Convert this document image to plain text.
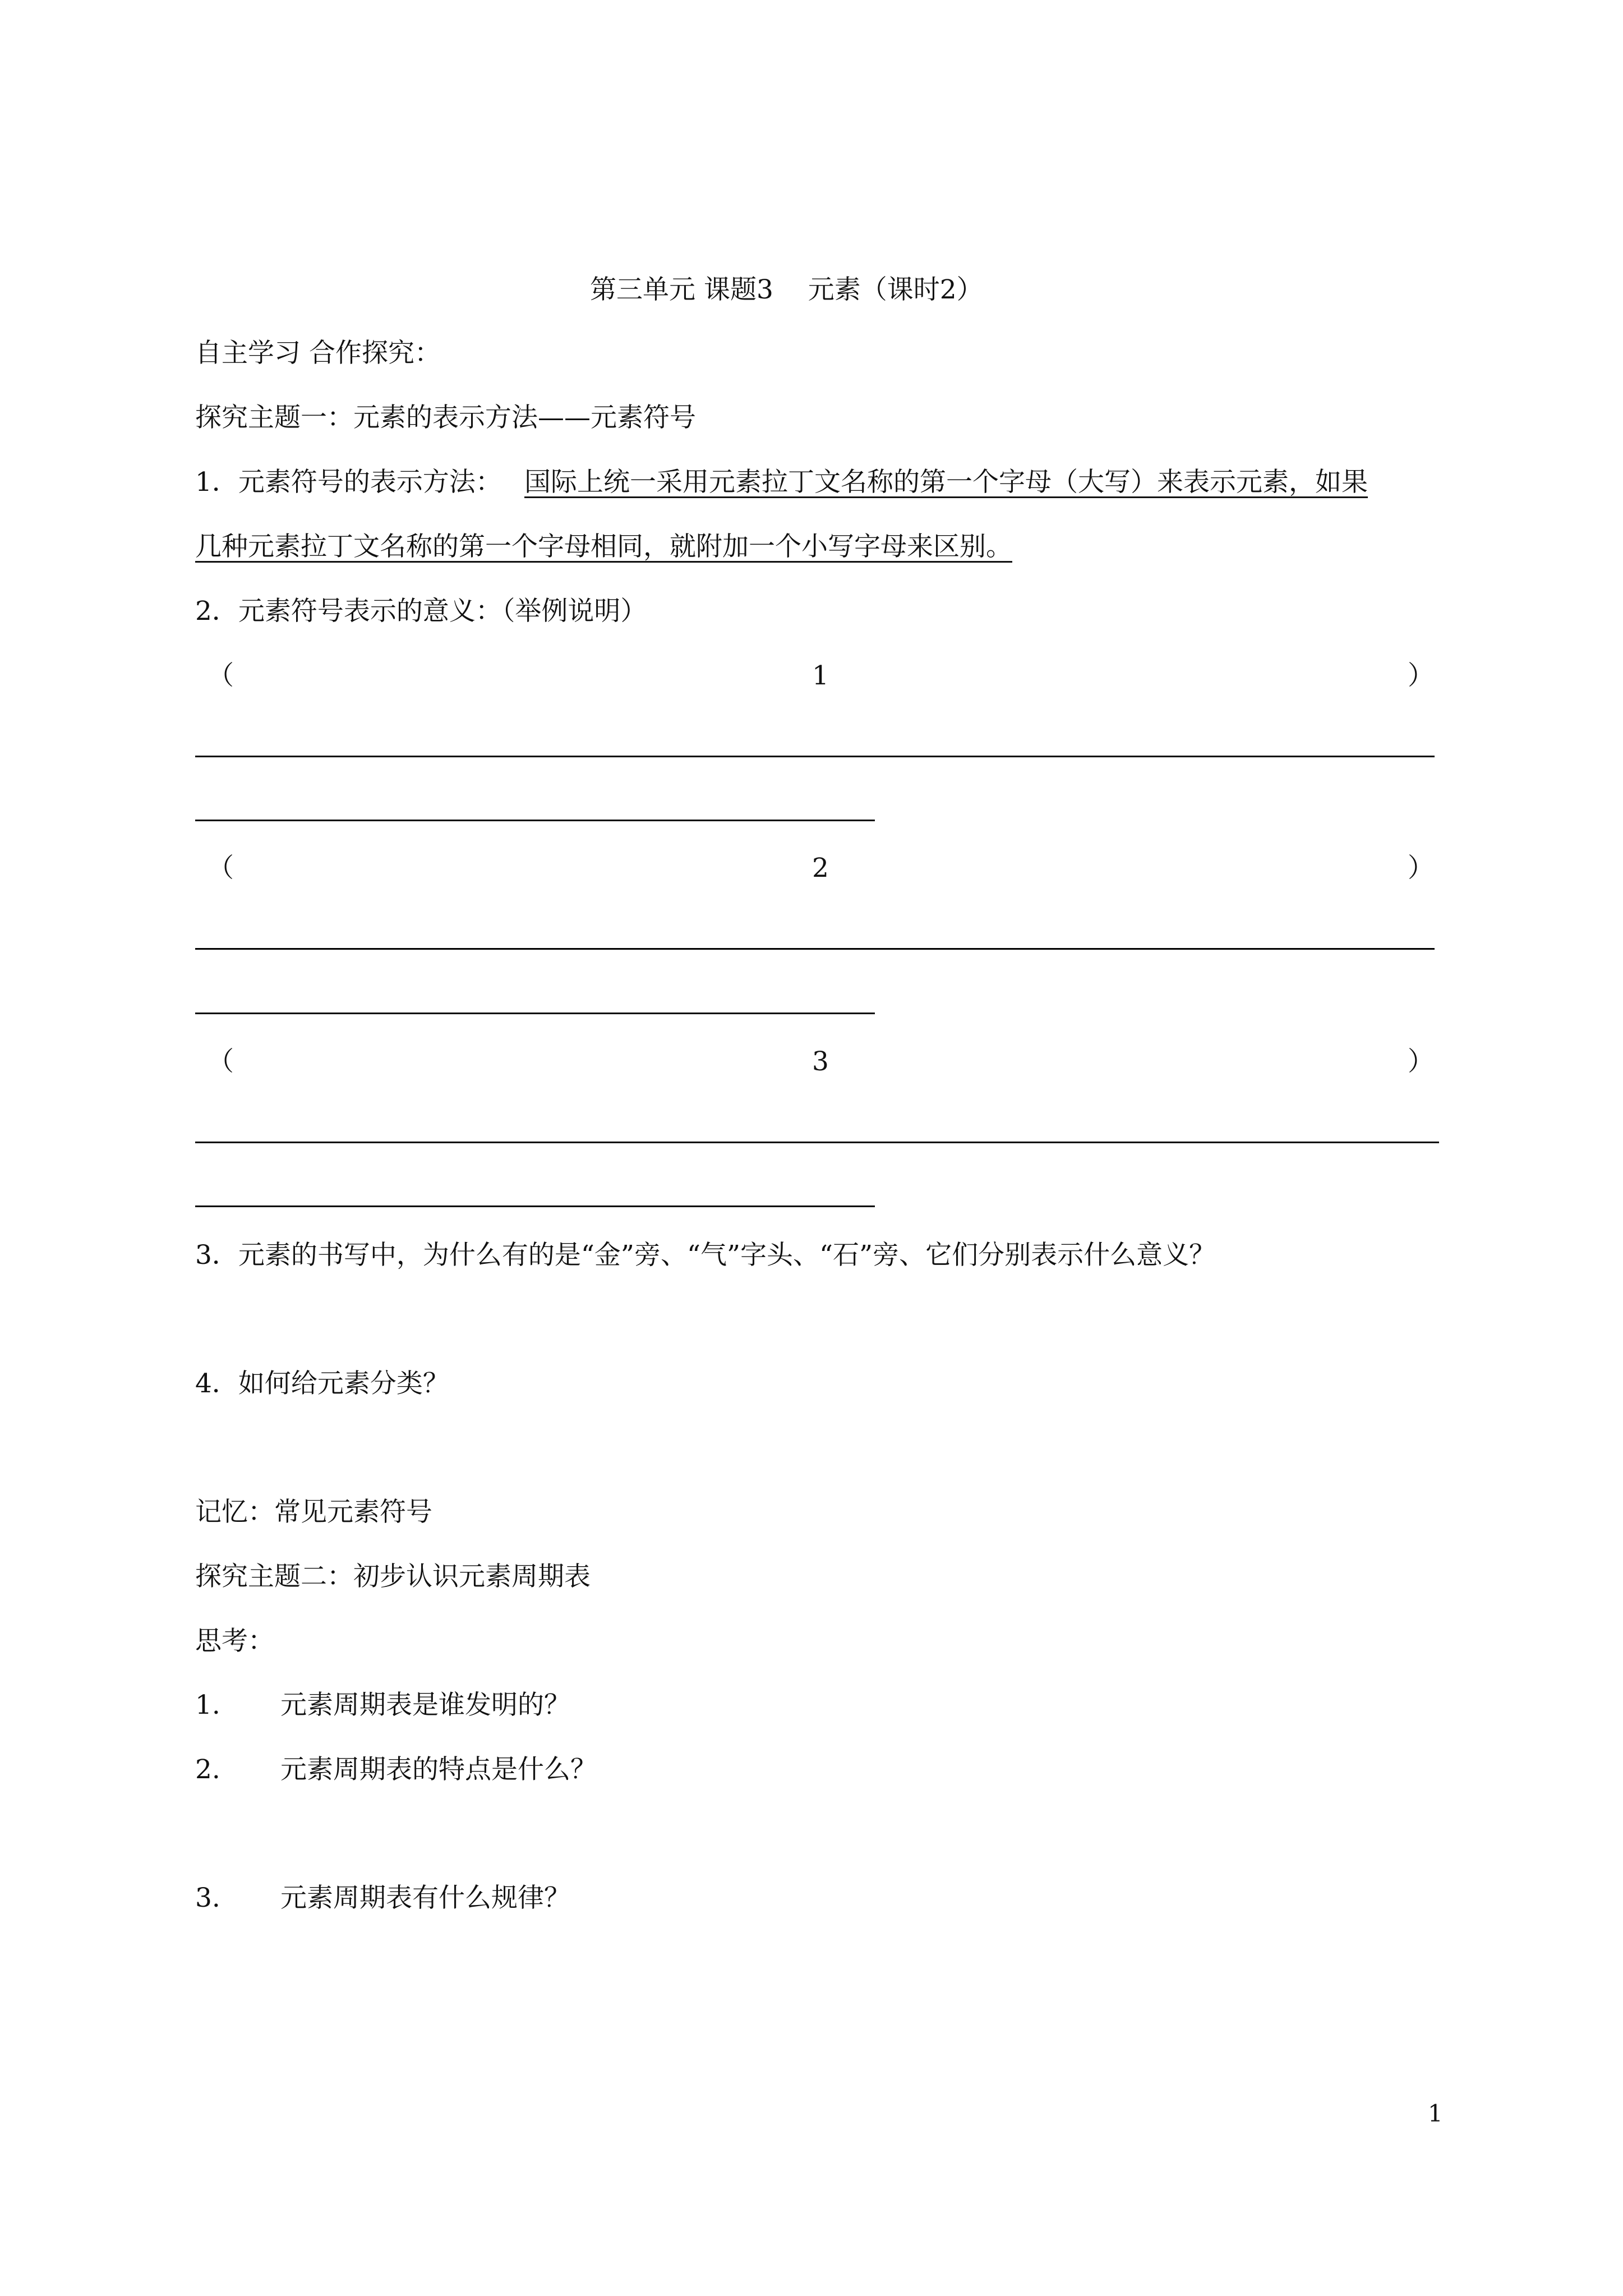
第三单元 课题3　 元素（课时2）
自主学习 合作探究：
探究主题一：元素的表示方法——元素符号
1．元素符号的表示方法： 国际上统一采用元素拉丁文名称的第一个字母（大写）来表示元素，如果
几种元素拉丁文名称的第一个字母相同，就附加一个小写字母来区别。
2．元素符号表示的意义：（举例说明）
（	1	）
（	2	）
（	3	）
3．元素的书写中，为什么有的是“金”旁、“气”字头、“石”旁、它们分别表示什么意义？
4．如何给元素分类？
记忆：常见元素符号
探究主题二：初步认识元素周期表
思考：
1. 元素周期表是谁发明的？
2. 元素周期表的特点是什么？
3. 元素周期表有什么规律？
1
